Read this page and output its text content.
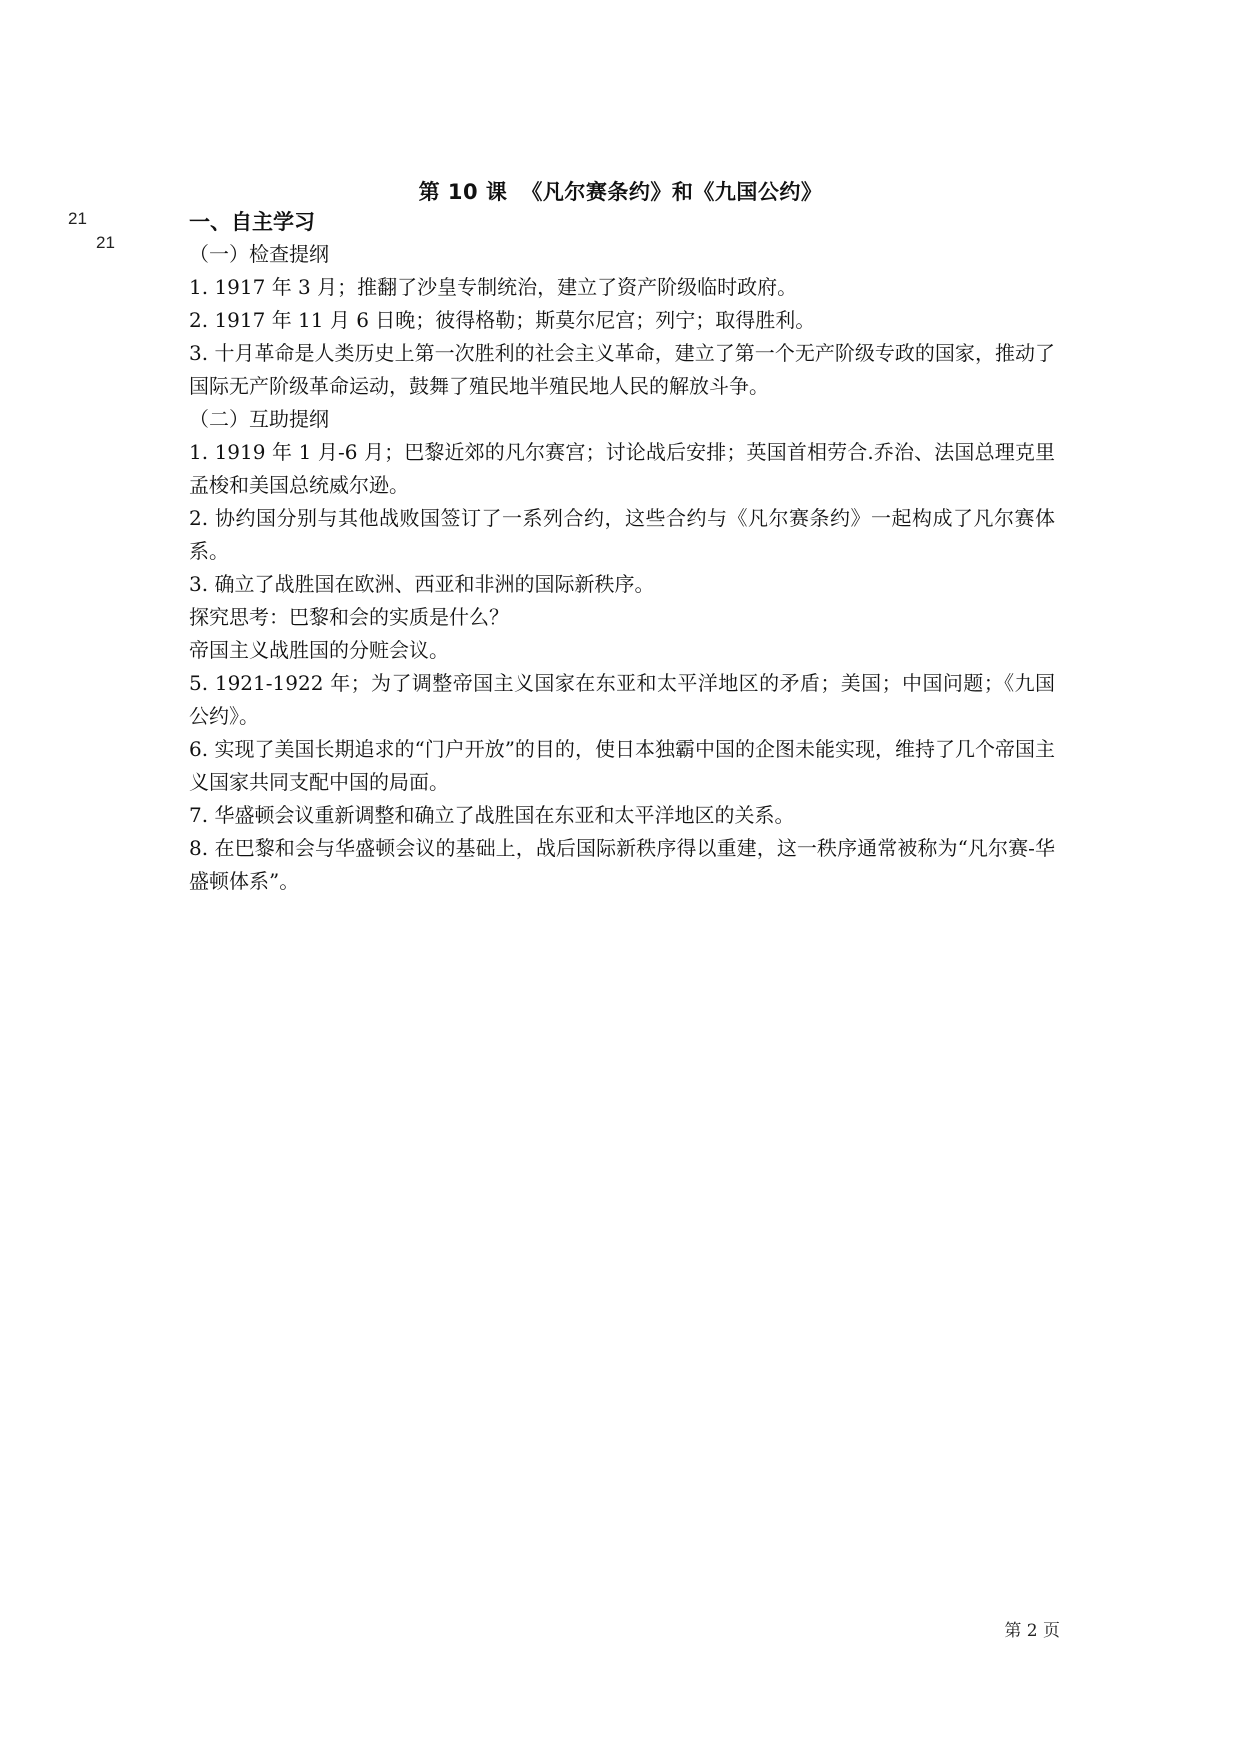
21
21
第 10 课 《凡尔赛条约》和《九国公约》

一、自主学习

（一）检查提纲

1. 1917 年 3 月；推翻了沙皇专制统治，建立了资产阶级临时政府。

2. 1917 年 11 月 6 日晚；彼得格勒；斯莫尔尼宫；列宁；取得胜利。

3. 十月革命是人类历史上第一次胜利的社会主义革命，建立了第一个无产阶级专政的国家，推动了国际无产阶级革命运动，鼓舞了殖民地半殖民地人民的解放斗争。

（二）互助提纲

1. 1919 年 1 月-6 月；巴黎近郊的凡尔赛宫；讨论战后安排；英国首相劳合.乔治、法国总理克里孟梭和美国总统威尔逊。

2. 协约国分别与其他战败国签订了一系列合约，这些合约与《凡尔赛条约》一起构成了凡尔赛体系。

3. 确立了战胜国在欧洲、西亚和非洲的国际新秩序。

探究思考：巴黎和会的实质是什么？

帝国主义战胜国的分赃会议。

5. 1921-1922 年；为了调整帝国主义国家在东亚和太平洋地区的矛盾；美国；中国问题；《九国公约》。

6. 实现了美国长期追求的“门户开放”的目的，使日本独霸中国的企图未能实现，维持了几个帝国主义国家共同支配中国的局面。

7. 华盛顿会议重新调整和确立了战胜国在东亚和太平洋地区的关系。

8. 在巴黎和会与华盛顿会议的基础上，战后国际新秩序得以重建，这一秩序通常被称为“凡尔赛-华盛顿体系”。

第 2 页
